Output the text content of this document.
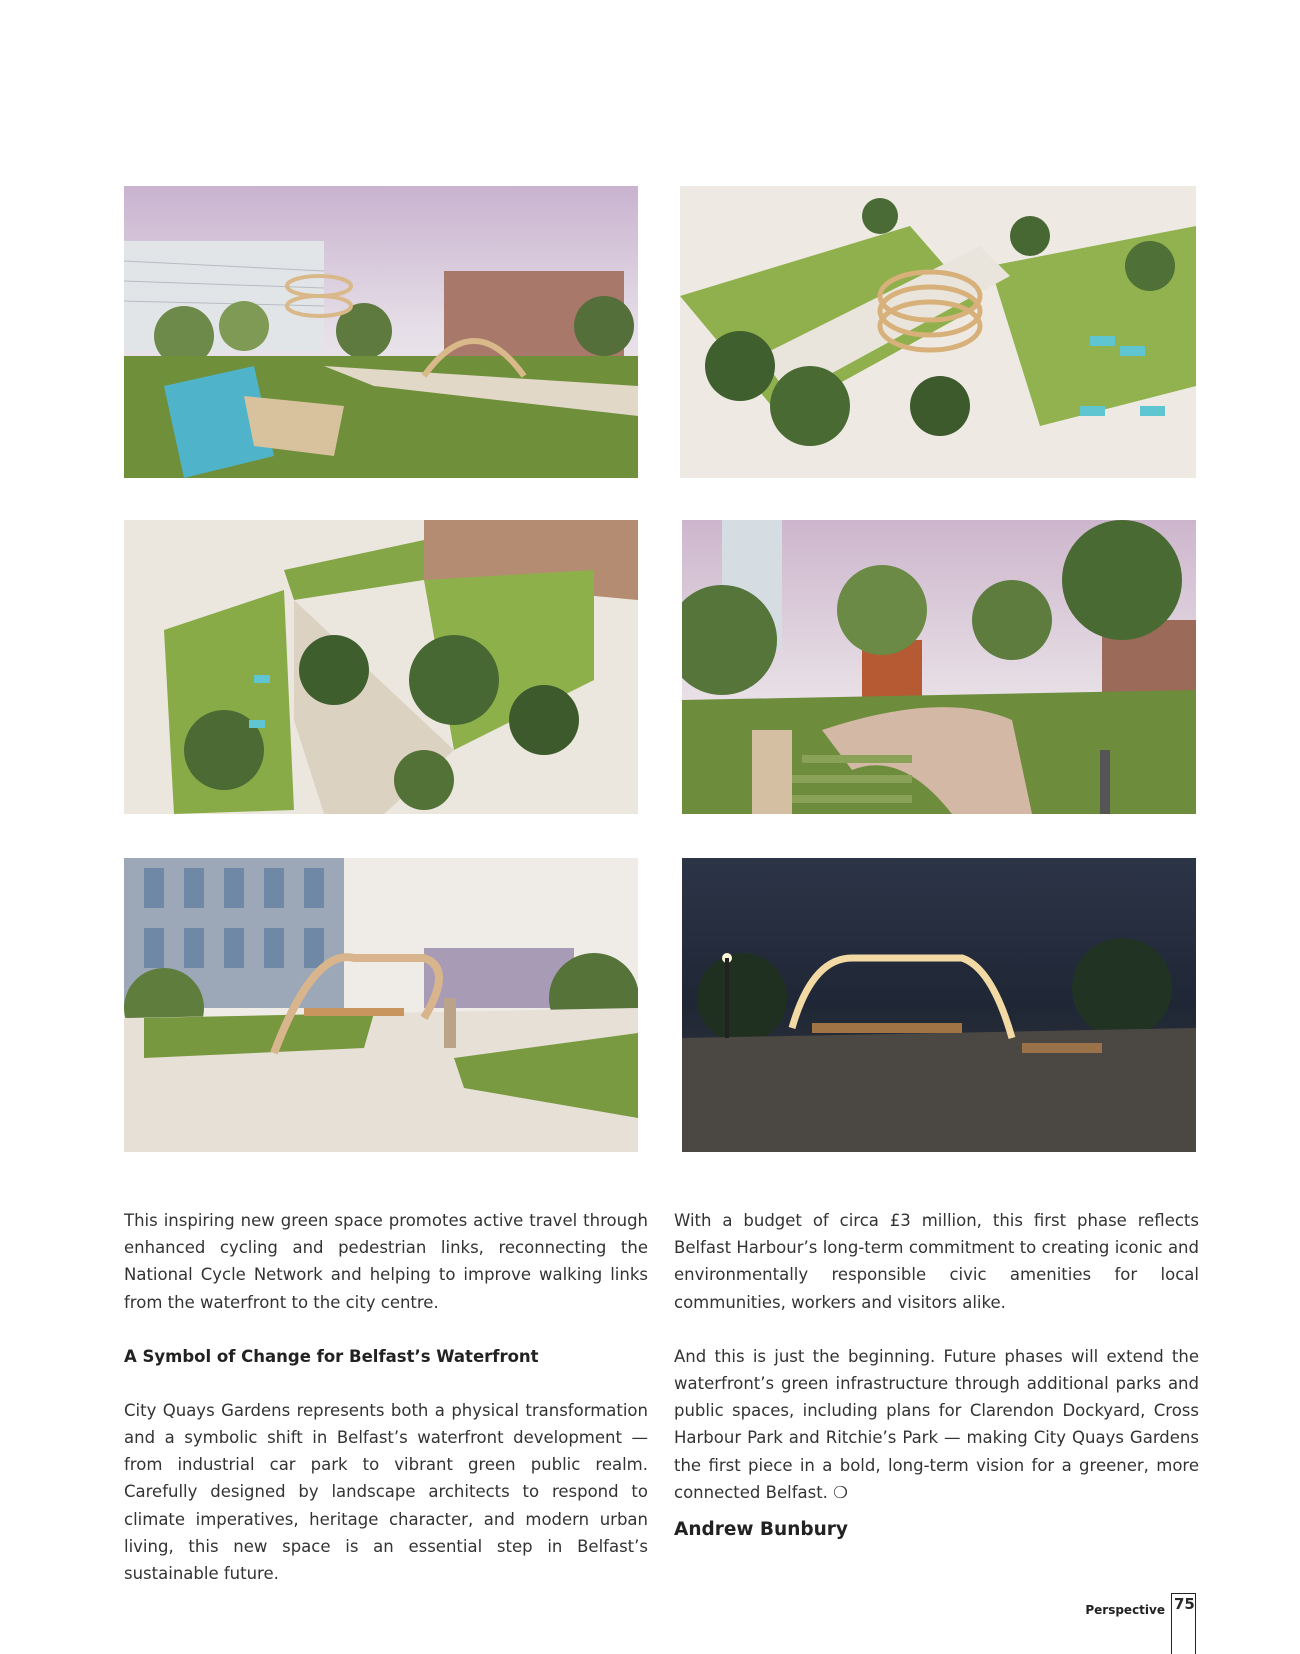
This inspiring new green space promotes active travel through enhanced cycling and pedestrian links, reconnecting the National Cycle Network and helping to improve walking links from the waterfront to the city centre.

A Symbol of Change for Belfast’s Waterfront

City Quays Gardens represents both a physical transformation and a symbolic shift in Belfast’s waterfront development — from industrial car park to vibrant green public realm. Carefully designed by landscape architects to respond to climate imperatives, heritage character, and modern urban living, this new space is an essential step in Belfast’s sustainable future.

With a budget of circa £3 million, this first phase reflects Belfast Harbour’s long-term commitment to creating iconic and environmentally responsible civic amenities for local communities, workers and visitors alike.

And this is just the beginning. Future phases will extend the waterfront’s green infrastructure through additional parks and public spaces, including plans for Clarendon Dockyard, Cross Harbour Park and Ritchie’s Park — making City Quays Gardens the first piece in a bold, long-term vision for a greener, more connected Belfast. ❍

Andrew Bunbury
Perspective 75
